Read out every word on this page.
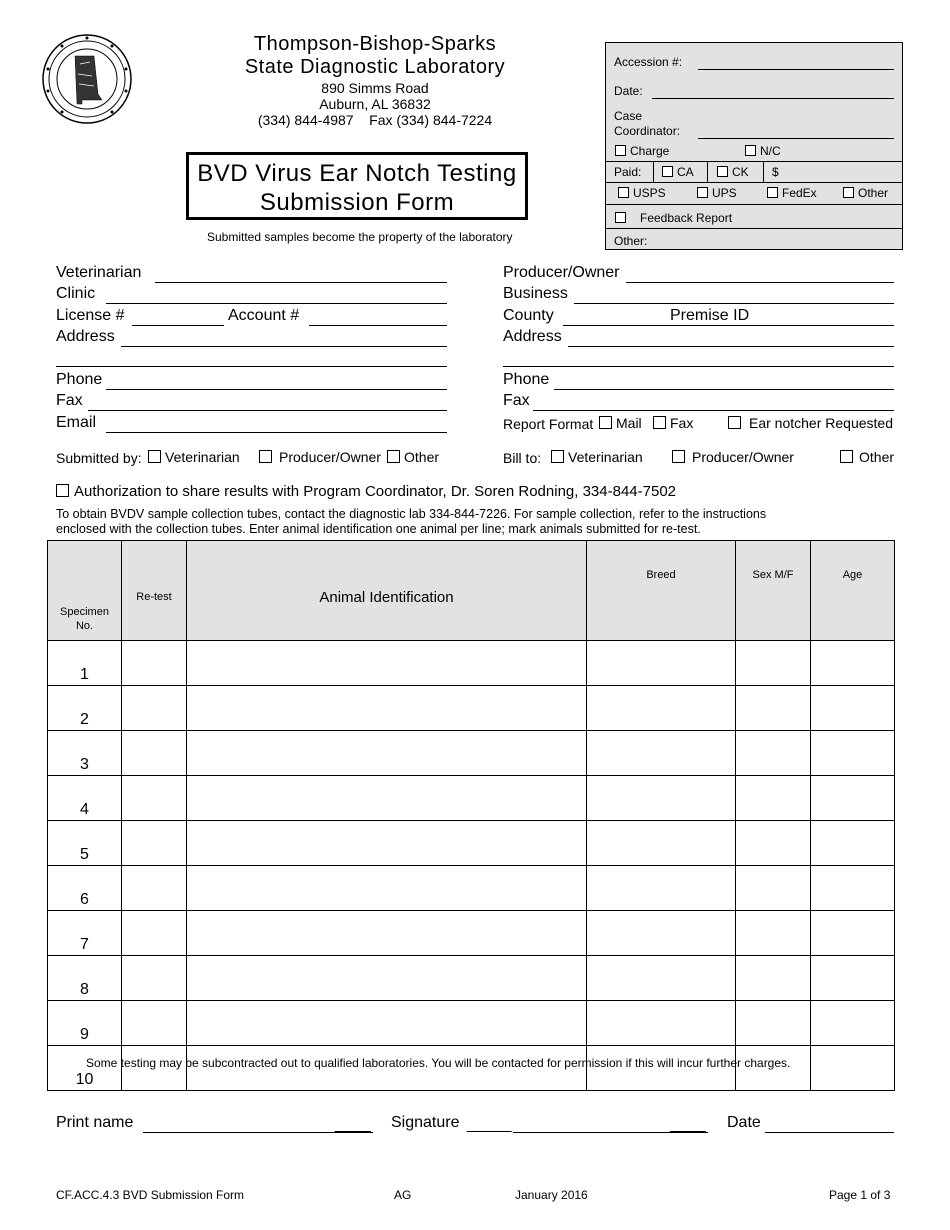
Thompson-Bishop-Sparks
State Diagnostic Laboratory
890 Simms Road
Auburn, AL 36832
(334) 844-4987    Fax (334) 844-7224
BVD Virus Ear Notch Testing
Submission Form
Submitted samples become the property of the laboratory
Accession #:
Date:
Case
Coordinator:
Charge	N/C
Paid:	CA	CK $
USPS	UPS	FedEx	Other
Feedback Report
Other:
Veterinarian
Clinic
License #	Account #
Address
Phone
Fax
Email
Producer/Owner
Business
County	Premise ID
Address
Phone
Fax
Report Format	Mail	Fax	Ear notcher Requested
Submitted by:	Veterinarian	Producer/Owner	Other	Bill to:	Veterinarian	Producer/Owner	Other
Authorization to share results with Program Coordinator, Dr. Soren Rodning, 334-844-7502
To obtain BVDV sample collection tubes, contact the diagnostic lab 334-844-7226. For sample collection, refer to the instructions
enclosed with the collection tubes. Enter animal identification one animal per line; mark animals submitted for re-test.
Specimen
No.	Re-test	Animal Identification	Breed	Sex M/F	Age
1					
2					
3					
4					
5					
6					
7					
8					
9					
10					
Some testing may be subcontracted out to qualified laboratories. You will be contacted for permission if this will incur further charges.
Print name	____ Signature _____	____ Date
CF.ACC.4.3 BVD Submission Form	AG	January 2016	Page 1 of 3
